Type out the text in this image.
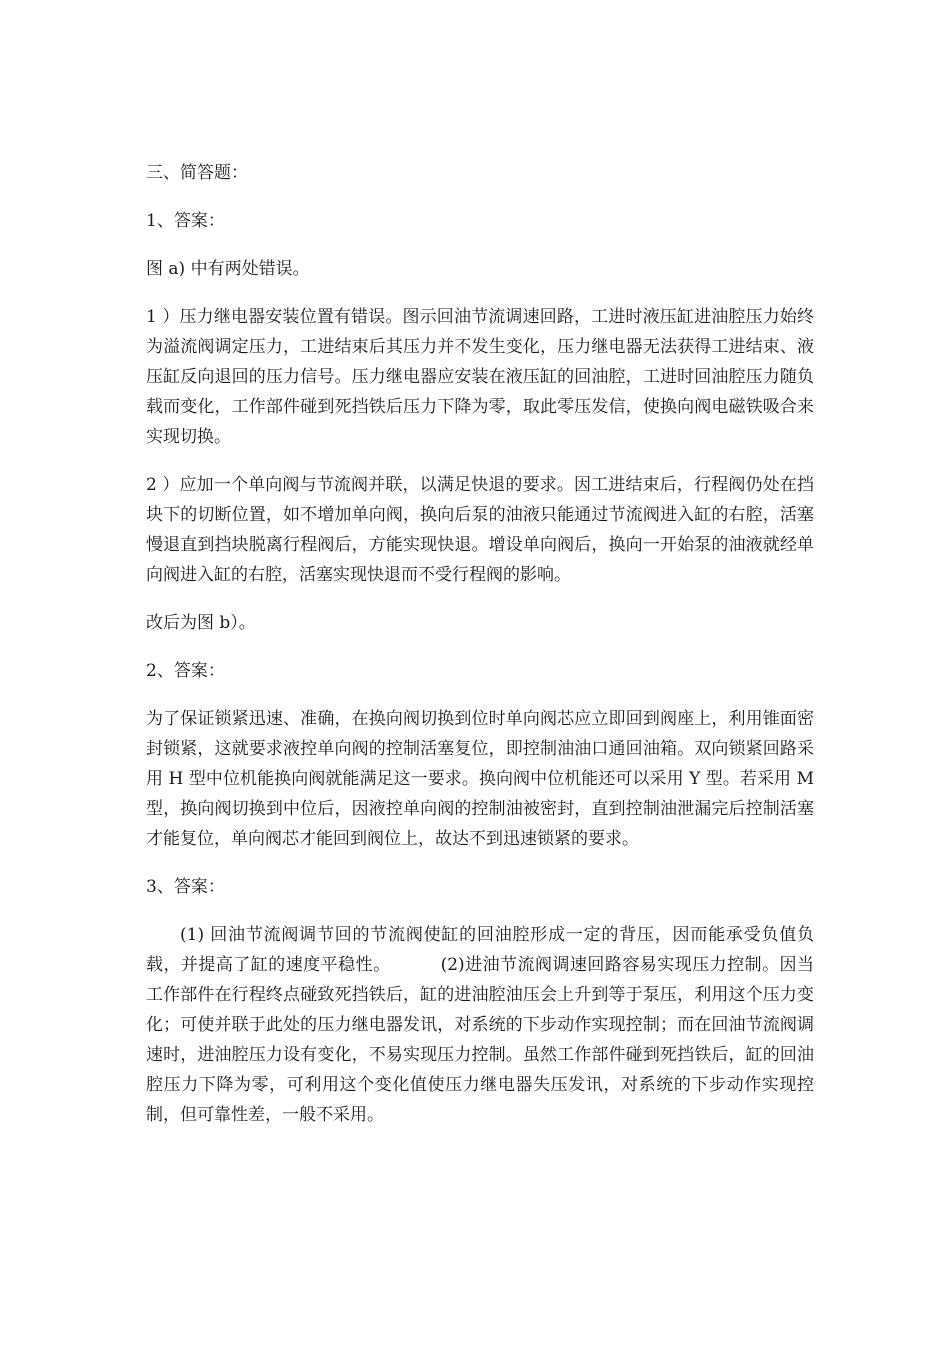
三、简答题：

1、答案：

图 a) 中有两处错误。

1 ）压力继电器安装位置有错误。图示回油节流调速回路，工进时液压缸进油腔压力始终为溢流阀调定压力，工进结束后其压力并不发生变化，压力继电器无法获得工进结束、液压缸反向退回的压力信号。压力继电器应安装在液压缸的回油腔，工进时回油腔压力随负载而变化，工作部件碰到死挡铁后压力下降为零，取此零压发信，使换向阀电磁铁吸合来实现切换。

2 ）应加一个单向阀与节流阀并联，以满足快退的要求。因工进结束后，行程阀仍处在挡块下的切断位置，如不增加单向阀，换向后泵的油液只能通过节流阀进入缸的右腔，活塞慢退直到挡块脱离行程阀后，方能实现快退。增设单向阀后，换向一开始泵的油液就经单向阀进入缸的右腔，活塞实现快退而不受行程阀的影响。

改后为图 b）。

2、答案：

为了保证锁紧迅速、准确，在换向阀切换到位时单向阀芯应立即回到阀座上，利用锥面密封锁紧，这就要求液控单向阀的控制活塞复位，即控制油油口通回油箱。双向锁紧回路采用 H 型中位机能换向阀就能满足这一要求。换向阀中位机能还可以采用 Y 型。若采用 M 型，换向阀切换到中位后，因液控单向阀的控制油被密封，直到控制油泄漏完后控制活塞才能复位，单向阀芯才能回到阀位上，故达不到迅速锁紧的要求。

3、答案：

(1) 回油节流阀调节回的节流阀使缸的回油腔形成一定的背压，因而能承受负值负载，并提高了缸的速度平稳性。	(2)进油节流阀调速回路容易实现压力控制。因当工作部件在行程终点碰致死挡铁后，缸的进油腔油压会上升到等于泵压，利用这个压力变化；可使并联于此处的压力继电器发讯，对系统的下步动作实现控制；而在回油节流阀调速时，进油腔压力设有变化，不易实现压力控制。虽然工作部件碰到死挡铁后，缸的回油腔压力下降为零，可利用这个变化值使压力继电器失压发讯，对系统的下步动作实现控制，但可靠性差，一般不采用。
